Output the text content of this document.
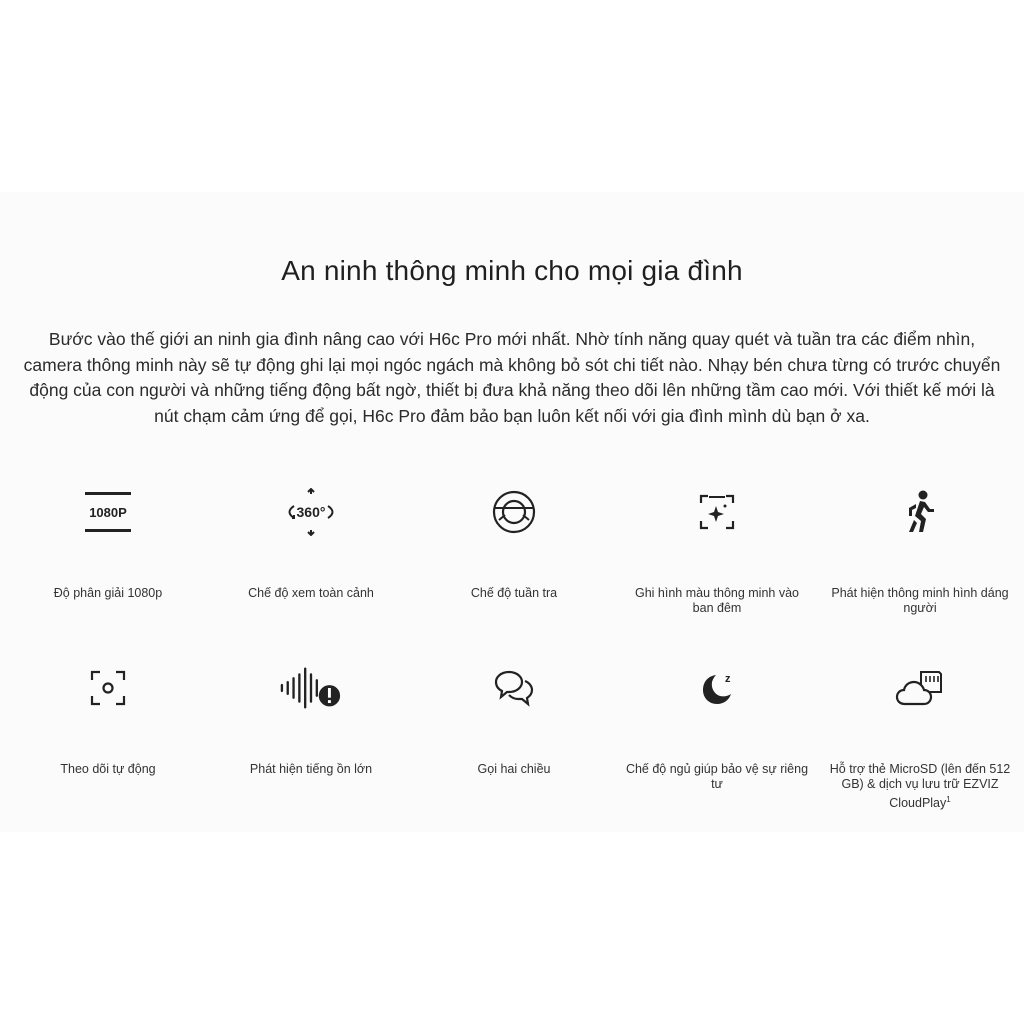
An ninh thông minh cho mọi gia đình
Bước vào thế giới an ninh gia đình nâng cao với H6c Pro mới nhất. Nhờ tính năng quay quét và tuần tra các điểm nhìn, camera thông minh này sẽ tự động ghi lại mọi ngóc ngách mà không bỏ sót chi tiết nào. Nhạy bén chưa từng có trước chuyển động của con người và những tiếng động bất ngờ, thiết bị đưa khả năng theo dõi lên những tầm cao mới. Với thiết kế mới là nút chạm cảm ứng để gọi, H6c Pro đảm bảo bạn luôn kết nối với gia đình mình dù bạn ở xa.
1080P
Độ phân giải 1080p
360°
Chế độ xem toàn cảnh	Chế độ tuần tra	Ghi hình màu thông minh vào ban đêm
Phát hiện thông minh hình dáng người
Theo dõi tự động	Phát hiện tiếng ồn lớn	Gọi hai chiều
z
Chế độ ngủ giúp bảo vệ sự riêng tư
Hỗ trợ thẻ MicroSD (lên đến 512 GB) & dịch vụ lưu trữ EZVIZ CloudPlay$^1$
